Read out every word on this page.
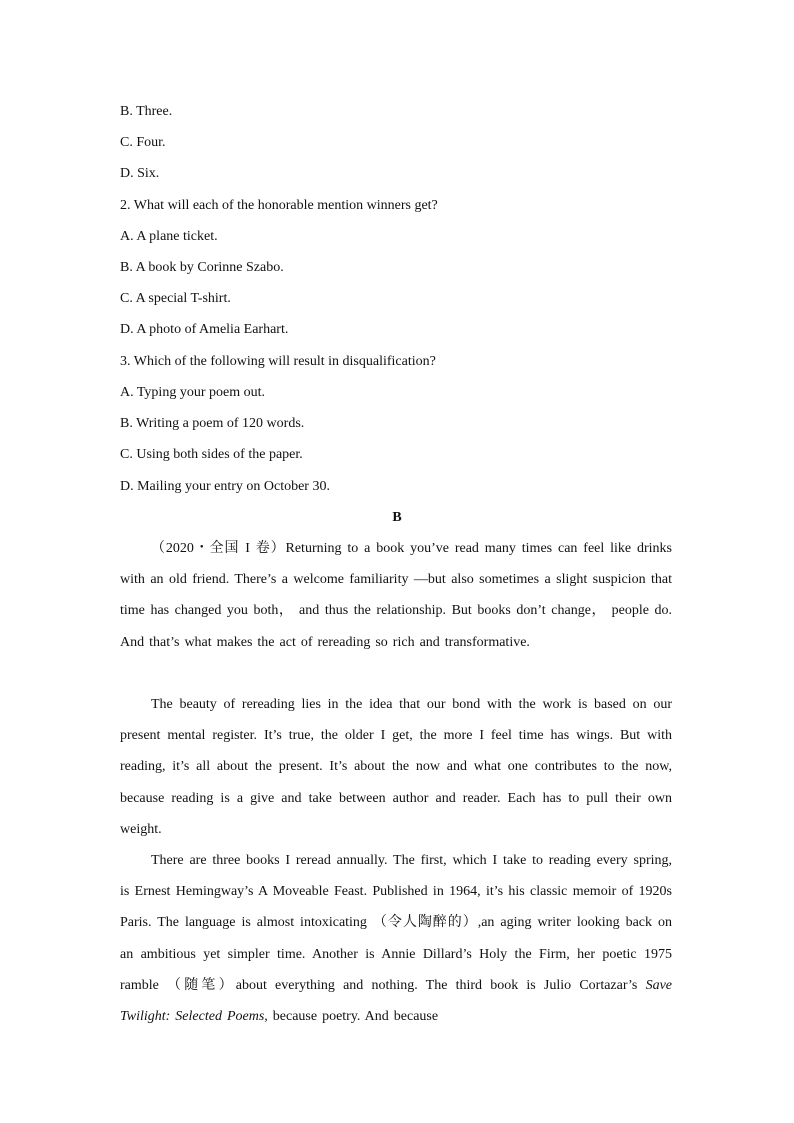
B. Three.
C. Four.
D. Six.
2. What will each of the honorable mention winners get?
A. A plane ticket.
B. A book by Corinne Szabo.
C. A special T-shirt.
D. A photo of Amelia Earhart.
3. Which of the following will result in disqualification?
A. Typing your poem out.
B. Writing a poem of 120 words.
C. Using both sides of the paper.
D. Mailing your entry on October 30.
B

（2020・全国 I 卷）Returning to a book you’ve read many times can feel like drinks with an old friend. There’s a welcome familiarity —but also sometimes a slight suspicion that time has changed you both， and thus the relationship. But books don’t change， people do. And that’s what makes the act of rereading so rich and transformative.

The beauty of rereading lies in the idea that our bond with the work is based on our present mental register. It’s true, the older I get, the more I feel time has wings. But with reading, it’s all about the present. It’s about the now and what one contributes to the now, because reading is a give and take between author and reader. Each has to pull their own weight.

There are three books I reread annually. The first, which I take to reading every spring, is Ernest Hemingway’s A Moveable Feast. Published in 1964, it’s his classic memoir of 1920s Paris. The language is almost intoxicating （令人陶醉的）,an aging writer looking back on an ambitious yet simpler time. Another is Annie Dillard’s Holy the Firm, her poetic 1975 ramble （随笔）about everything and nothing. The third book is Julio Cortazar’s Save Twilight: Selected Poems, because poetry. And because
